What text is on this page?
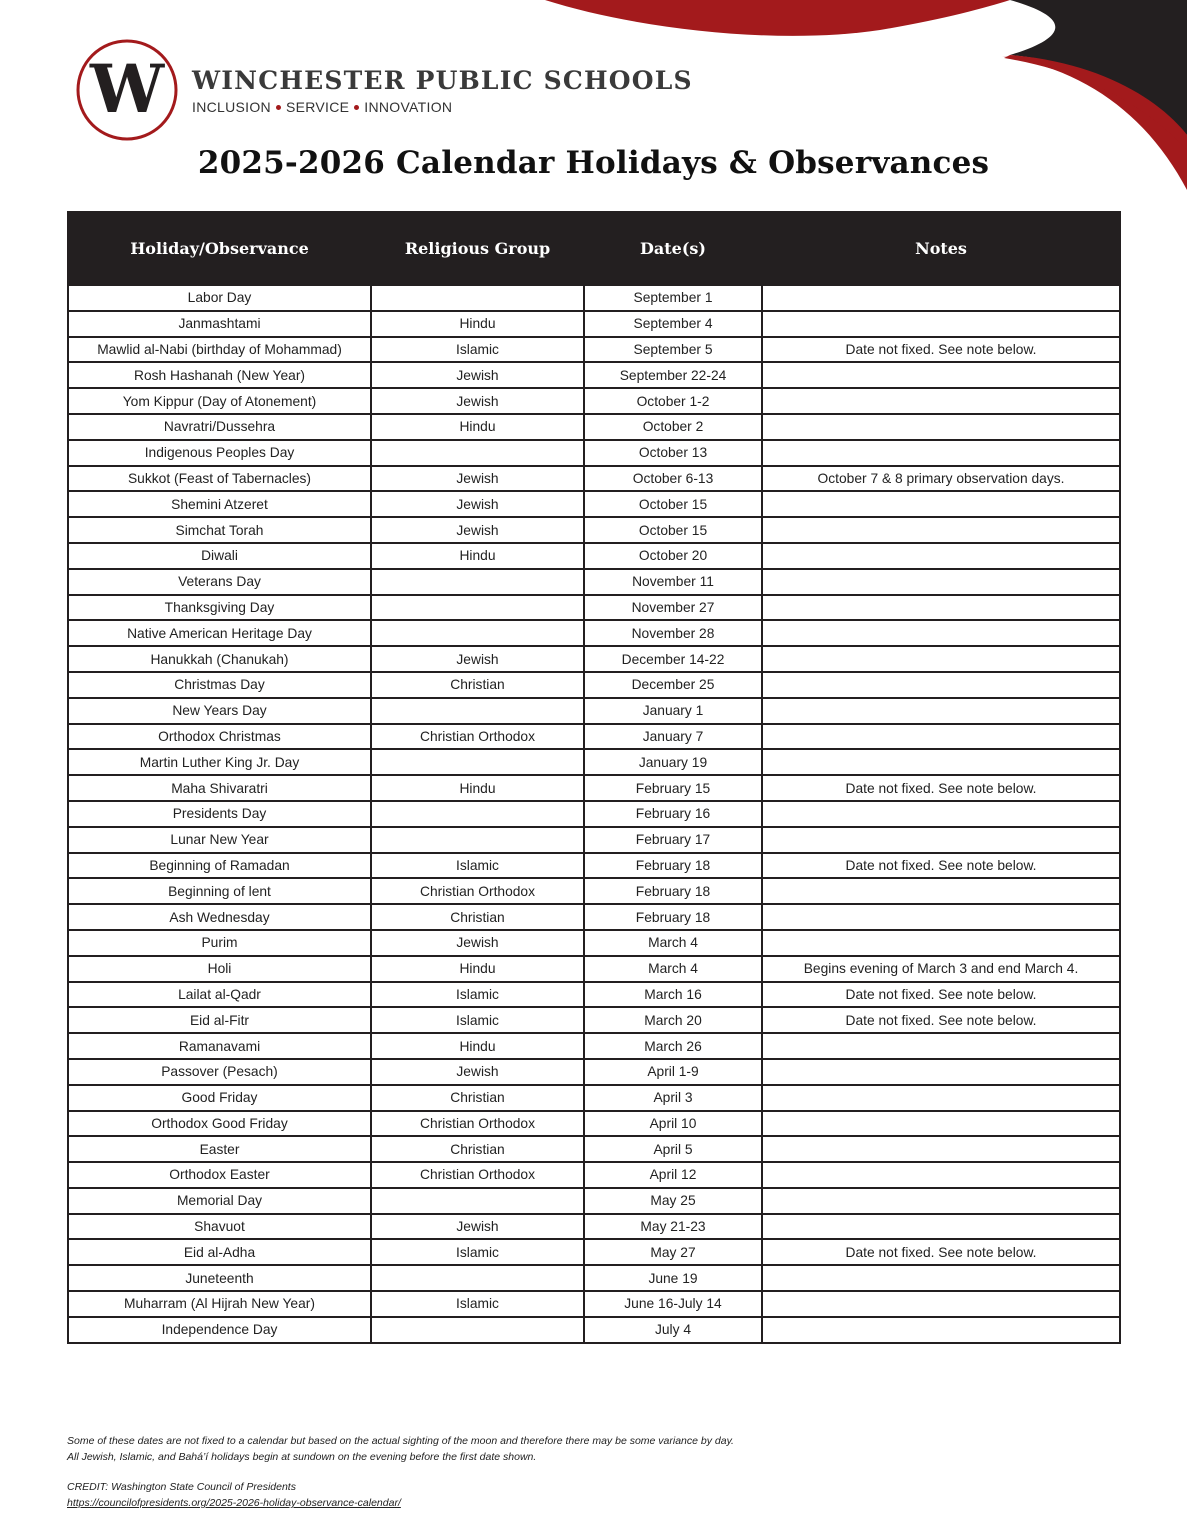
W WINCHESTER PUBLIC SCHOOLS
INCLUSION SERVICE INNOVATION
2025-2026 Calendar Holidays & Observances
Holiday/Observance	Religious Group	Date(s)	Notes
Labor Day		September 1	
Janmashtami	Hindu	September 4	
Mawlid al-Nabi (birthday of Mohammad)	Islamic	September 5	Date not fixed. See note below.
Rosh Hashanah (New Year)	Jewish	September 22-24	
Yom Kippur (Day of Atonement)	Jewish	October 1-2	
Navratri/Dussehra	Hindu	October 2	
Indigenous Peoples Day		October 13	
Sukkot (Feast of Tabernacles)	Jewish	October 6-13	October 7 & 8 primary observation days.
Shemini Atzeret	Jewish	October 15	
Simchat Torah	Jewish	October 15	
Diwali	Hindu	October 20	
Veterans Day		November 11	
Thanksgiving Day		November 27	
Native American Heritage Day		November 28	
Hanukkah (Chanukah)	Jewish	December 14-22	
Christmas Day	Christian	December 25	
New Years Day		January 1	
Orthodox Christmas	Christian Orthodox	January 7	
Martin Luther King Jr. Day		January 19	
Maha Shivaratri	Hindu	February 15	Date not fixed. See note below.
Presidents Day		February 16	
Lunar New Year		February 17	
Beginning of Ramadan	Islamic	February 18	Date not fixed. See note below.
Beginning of lent	Christian Orthodox	February 18	
Ash Wednesday	Christian	February 18	
Purim	Jewish	March 4	
Holi	Hindu	March 4	Begins evening of March 3 and end March 4.
Lailat al-Qadr	Islamic	March 16	Date not fixed. See note below.
Eid al-Fitr	Islamic	March 20	Date not fixed. See note below.
Ramanavami	Hindu	March 26	
Passover (Pesach)	Jewish	April 1-9	
Good Friday	Christian	April 3	
Orthodox Good Friday	Christian Orthodox	April 10	
Easter	Christian	April 5	
Orthodox Easter	Christian Orthodox	April 12	
Memorial Day		May 25	
Shavuot	Jewish	May 21-23	
Eid al-Adha	Islamic	May 27	Date not fixed. See note below.
Juneteenth		June 19	
Muharram (Al Hijrah New Year)	Islamic	June 16-July 14	
Independence Day		July 4	
Some of these dates are not fixed to a calendar but based on the actual sighting of the moon and therefore there may be some variance by day.
All Jewish, Islamic, and Bahá’í holidays begin at sundown on the evening before the first date shown.
CREDIT: Washington State Council of Presidents
https://councilofpresidents.org/2025-2026-holiday-observance-calendar/
